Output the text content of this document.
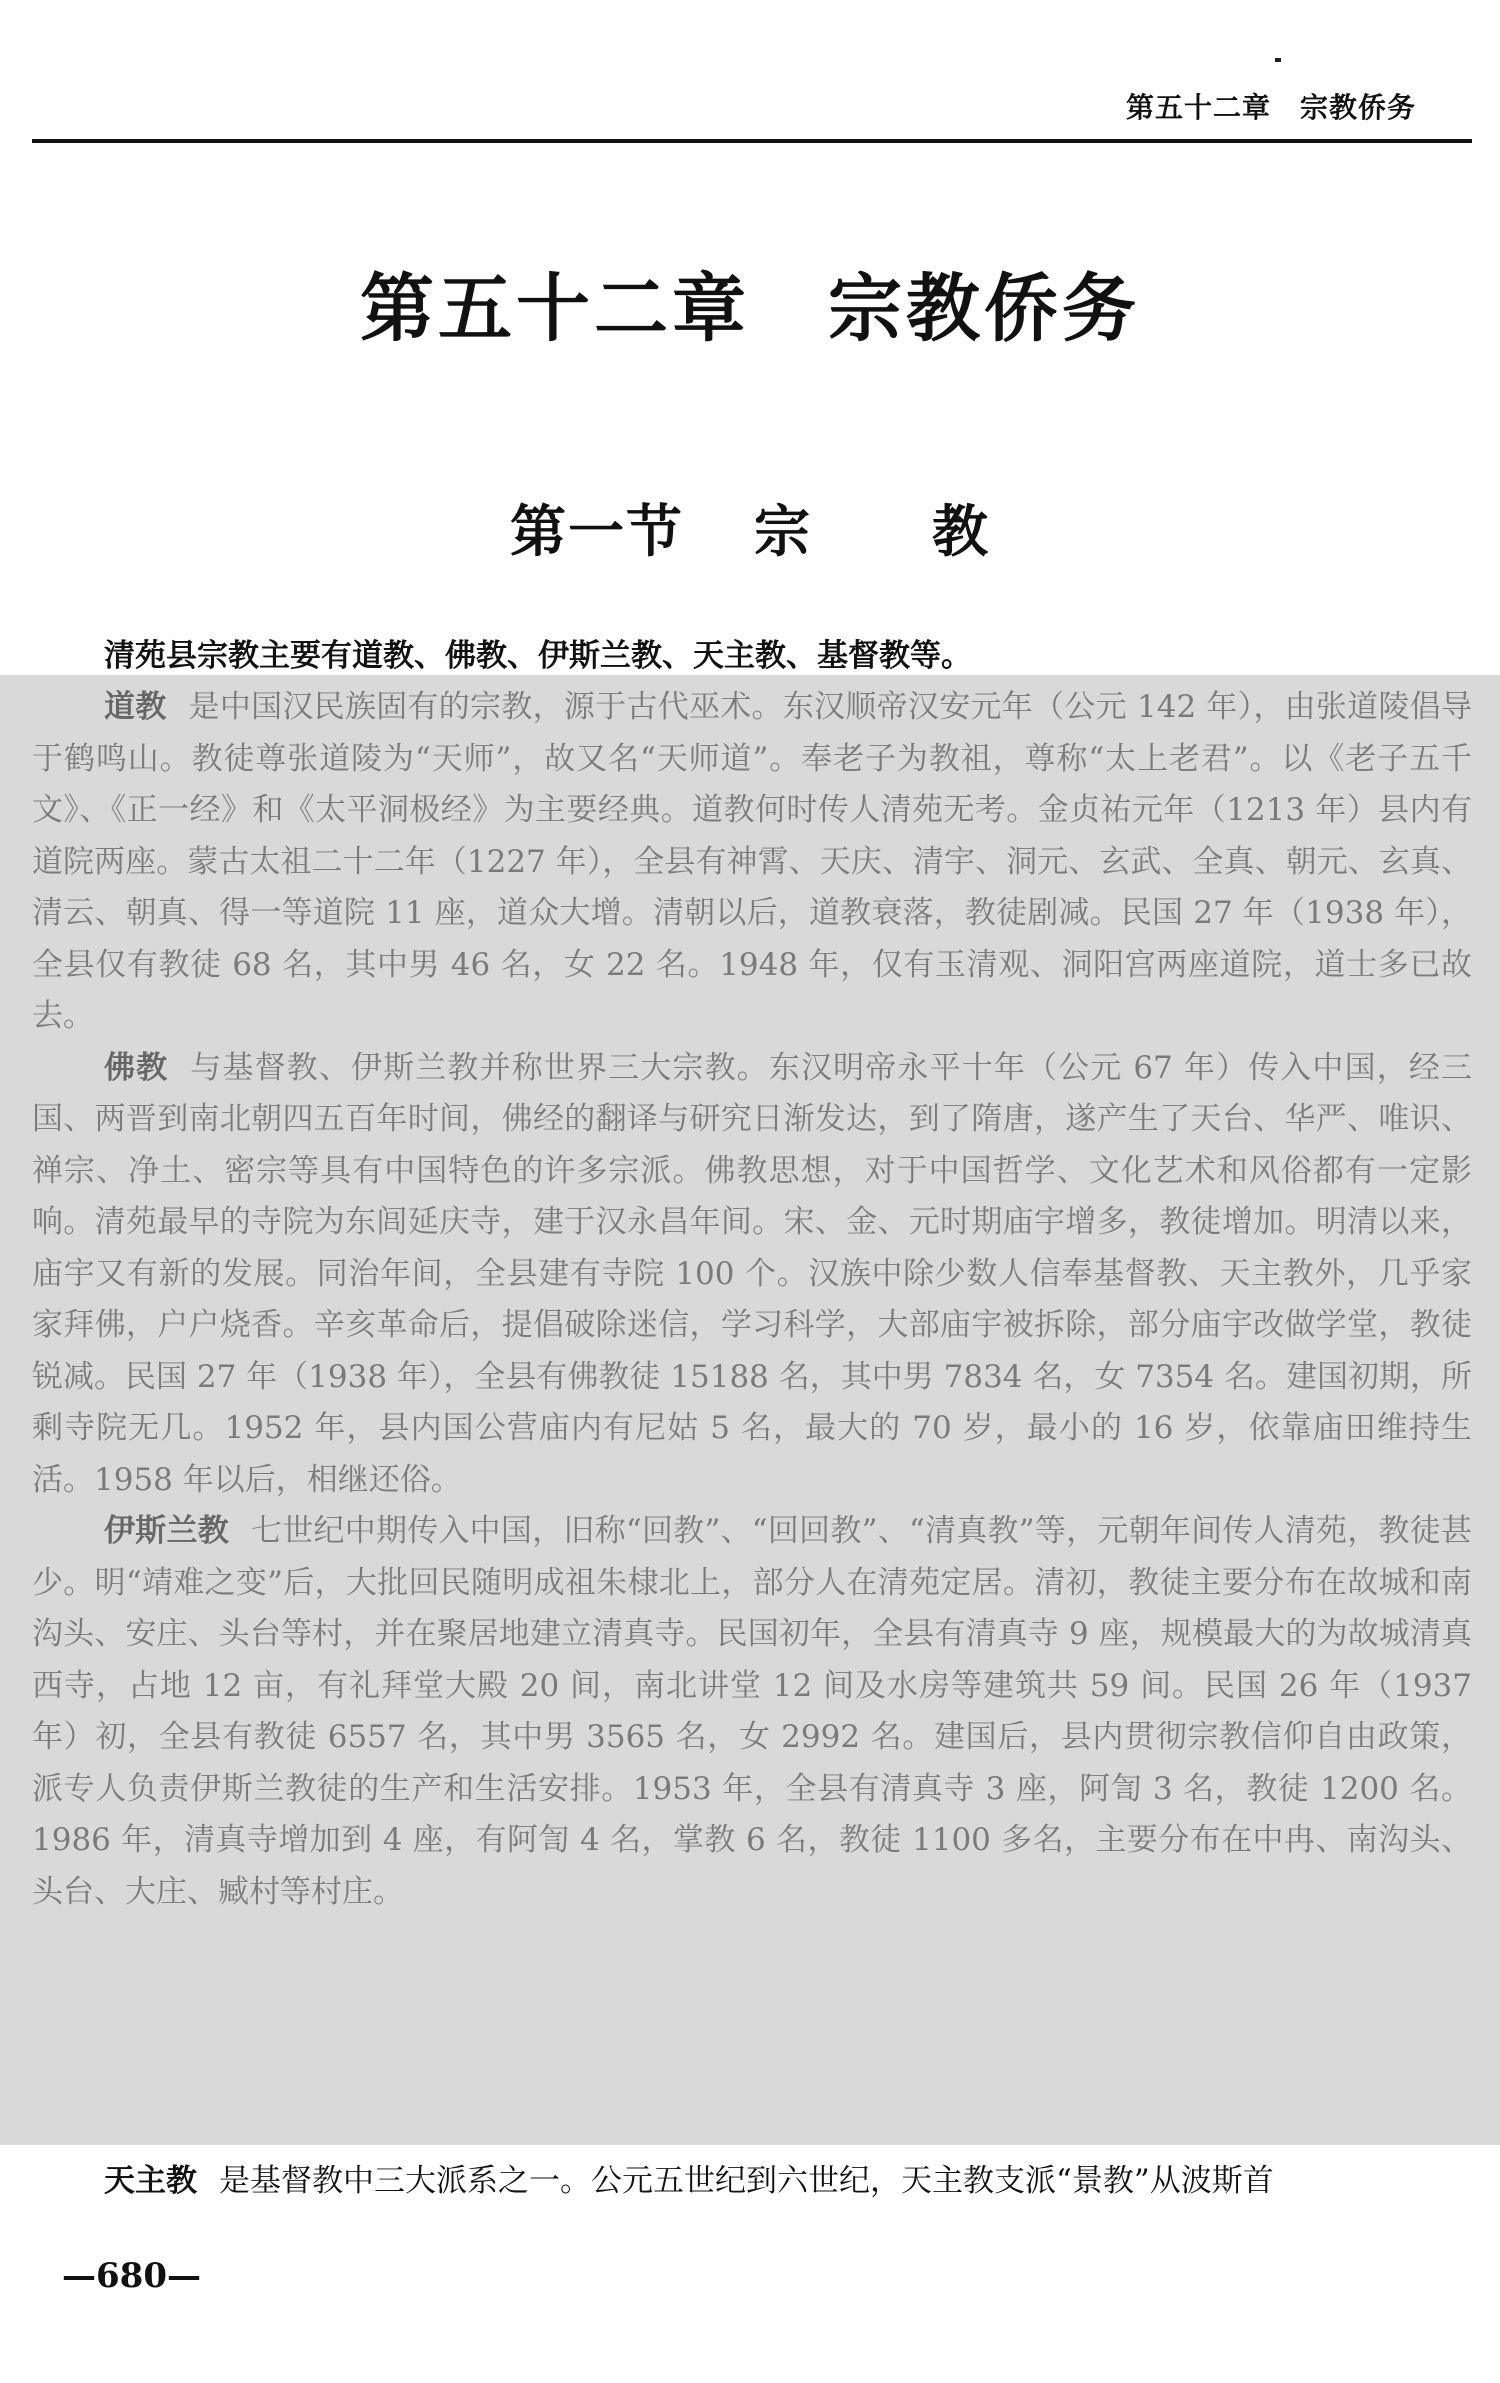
第五十二章　宗教侨务
第五十二章　宗教侨务
第一节 宗 教
清苑县宗教主要有道教、佛教、伊斯兰教、天主教、基督教等。

道教 是中国汉民族固有的宗教，源于古代巫术。东汉顺帝汉安元年（公元 142 年），由张道陵倡导于鹤鸣山。教徒尊张道陵为“天师”，故又名“天师道”。奉老子为教祖，尊称“太上老君”。以《老子五千文》、《正一经》和《太平洞极经》为主要经典。道教何时传人清苑无考。金贞祐元年（1213 年）县内有道院两座。蒙古太祖二十二年（1227 年），全县有神霄、天庆、清宇、洞元、玄武、全真、朝元、玄真、清云、朝真、得一等道院 11 座，道众大增。清朝以后，道教衰落，教徒剧减。民国 27 年（1938 年），全县仅有教徒 68 名，其中男 46 名，女 22 名。1948 年，仅有玉清观、洞阳宫两座道院，道士多已故去。

佛教 与基督教、伊斯兰教并称世界三大宗教。东汉明帝永平十年（公元 67 年）传入中国，经三国、两晋到南北朝四五百年时间，佛经的翻译与研究日渐发达，到了隋唐，遂产生了天台、华严、唯识、禅宗、净土、密宗等具有中国特色的许多宗派。佛教思想，对于中国哲学、文化艺术和风俗都有一定影响。清苑最早的寺院为东闾延庆寺，建于汉永昌年间。宋、金、元时期庙宇增多，教徒增加。明清以来，庙宇又有新的发展。同治年间，全县建有寺院 100 个。汉族中除少数人信奉基督教、天主教外，几乎家家拜佛，户户烧香。辛亥革命后，提倡破除迷信，学习科学，大部庙宇被拆除，部分庙宇改做学堂，教徒锐减。民国 27 年（1938 年），全县有佛教徒 15188 名，其中男 7834 名，女 7354 名。建国初期，所剩寺院无几。1952 年，县内国公营庙内有尼姑 5 名，最大的 70 岁，最小的 16 岁，依靠庙田维持生活。1958 年以后，相继还俗。

伊斯兰教 七世纪中期传入中国，旧称“回教”、“回回教”、“清真教”等，元朝年间传人清苑，教徒甚少。明“靖难之变”后，大批回民随明成祖朱棣北上，部分人在清苑定居。清初，教徒主要分布在故城和南沟头、安庄、头台等村，并在聚居地建立清真寺。民国初年，全县有清真寺 9 座，规模最大的为故城清真西寺，占地 12 亩，有礼拜堂大殿 20 间，南北讲堂 12 间及水房等建筑共 59 间。民国 26 年（1937 年）初，全县有教徒 6557 名，其中男 3565 名，女 2992 名。建国后，县内贯彻宗教信仰自由政策，派专人负责伊斯兰教徒的生产和生活安排。1953 年，全县有清真寺 3 座，阿訇 3 名，教徒 1200 名。1986 年，清真寺增加到 4 座，有阿訇 4 名，掌教 6 名，教徒 1100 多名，主要分布在中冉、南沟头、头台、大庄、臧村等村庄。

天主教 是基督教中三大派系之一。公元五世纪到六世纪，天主教支派“景教”从波斯首
—680—
